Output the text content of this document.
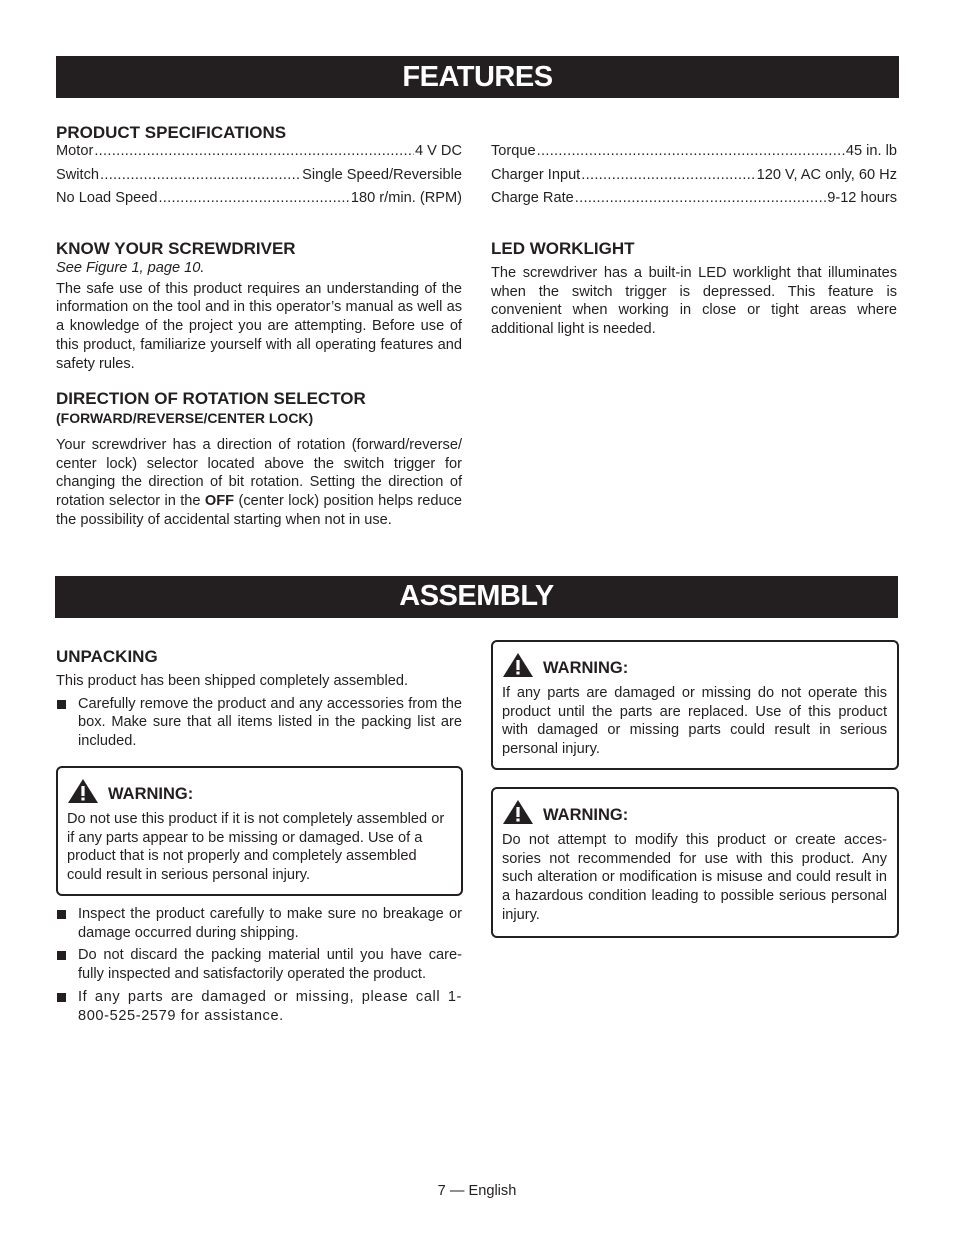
FEATURES
PRODUCT SPECIFICATIONS
Motor .....	4 V DC
Switch .....	Single Speed/Reversible
No Load Speed .....	180 r/min. (RPM)
Torque .....	45 in. lb
Charger Input .....	120 V, AC only, 60 Hz
Charge Rate .....	9-12 hours
KNOW YOUR SCREWDRIVER
See Figure 1, page 10.

The safe use of this product requires an understanding of the information on the tool and in this operator’s manual as well as a knowledge of the project you are attempting. Before use of this product, familiarize yourself with all operating features and safety rules.

DIRECTION OF ROTATION SELECTOR
(FORWARD/REVERSE/CENTER LOCK)

Your screwdriver has a direction of rotation (forward/reverse/ center lock) selector located above the switch trigger for changing the direction of bit rotation. Setting the direction of rotation selector in the OFF (center lock) position helps reduce the possibility of accidental starting when not in use.

LED WORKLIGHT

The screwdriver has a built-in LED worklight that illuminates when the switch trigger is depressed. This feature is convenient when working in close or tight areas where additional light is needed.

ASSEMBLY
UNPACKING

This product has been shipped completely assembled.

Carefully remove the product and any accessories from the box. Make sure that all items listed in the packing list are included.
Inspect the product carefully to make sure no breakage or damage occurred during shipping.
Do not discard the packing material until you have care- fully inspected and satisfactorily operated the product.
If any parts are damaged or missing, please call 1-800-525-2579 for assistance.
WARNING:

Do not use this product if it is not completely assembled or if any parts appear to be missing or damaged. Use of a product that is not properly and completely assembled could result in serious personal injury.

WARNING:

If any parts are damaged or missing do not operate this product until the parts are replaced. Use of this product with damaged or missing parts could result in serious personal injury.

WARNING:

Do not attempt to modify this product or create acces- sories not recommended for use with this product. Any such alteration or modification is misuse and could result in a hazardous condition leading to possible serious personal injury.

7 — English
